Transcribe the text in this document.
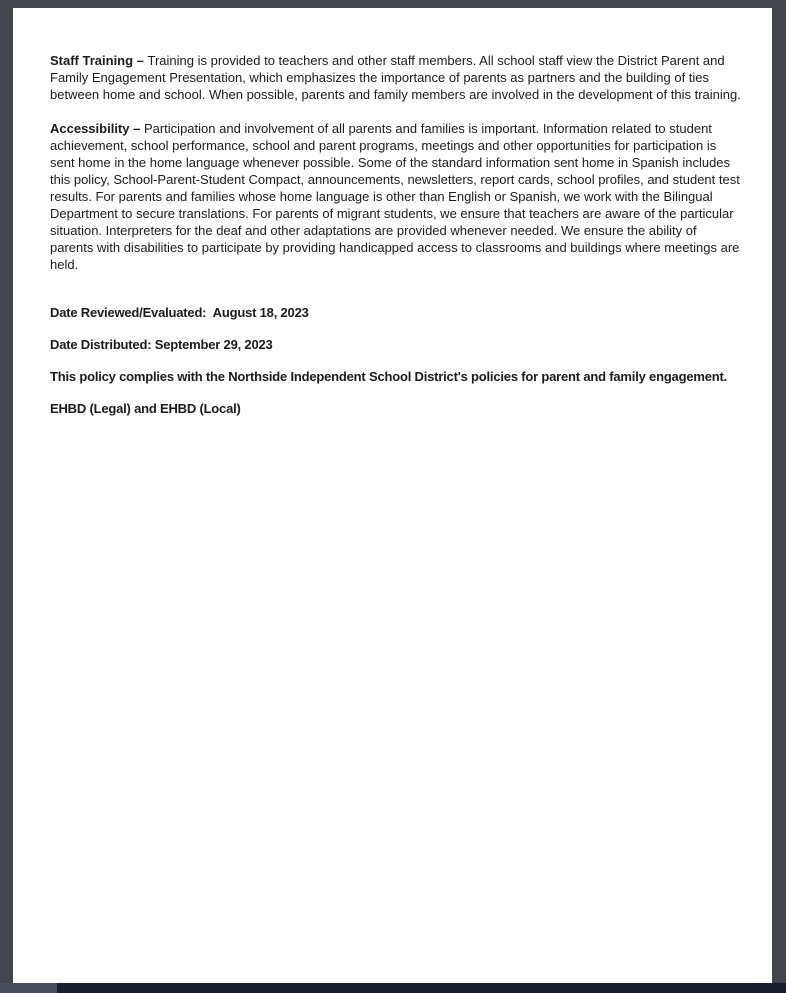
Staff Training – Training is provided to teachers and other staff members. All school staff view the District Parent and Family Engagement Presentation, which emphasizes the importance of parents as partners and the building of ties between home and school. When possible, parents and family members are involved in the development of this training.

Accessibility – Participation and involvement of all parents and families is important. Information related to student achievement, school performance, school and parent programs, meetings and other opportunities for participation is sent home in the home language whenever possible. Some of the standard information sent home in Spanish includes this policy, School-Parent-Student Compact, announcements, newsletters, report cards, school profiles, and student test results. For parents and families whose home language is other than English or Spanish, we work with the Bilingual Department to secure translations. For parents of migrant students, we ensure that teachers are aware of the particular situation. Interpreters for the deaf and other adaptations are provided whenever needed. We ensure the ability of parents with disabilities to participate by providing handicapped access to classrooms and buildings where meetings are held.

Date Reviewed/Evaluated:  August 18, 2023

Date Distributed: September 29, 2023

This policy complies with the Northside Independent School District's policies for parent and family engagement.

EHBD (Legal) and EHBD (Local)
